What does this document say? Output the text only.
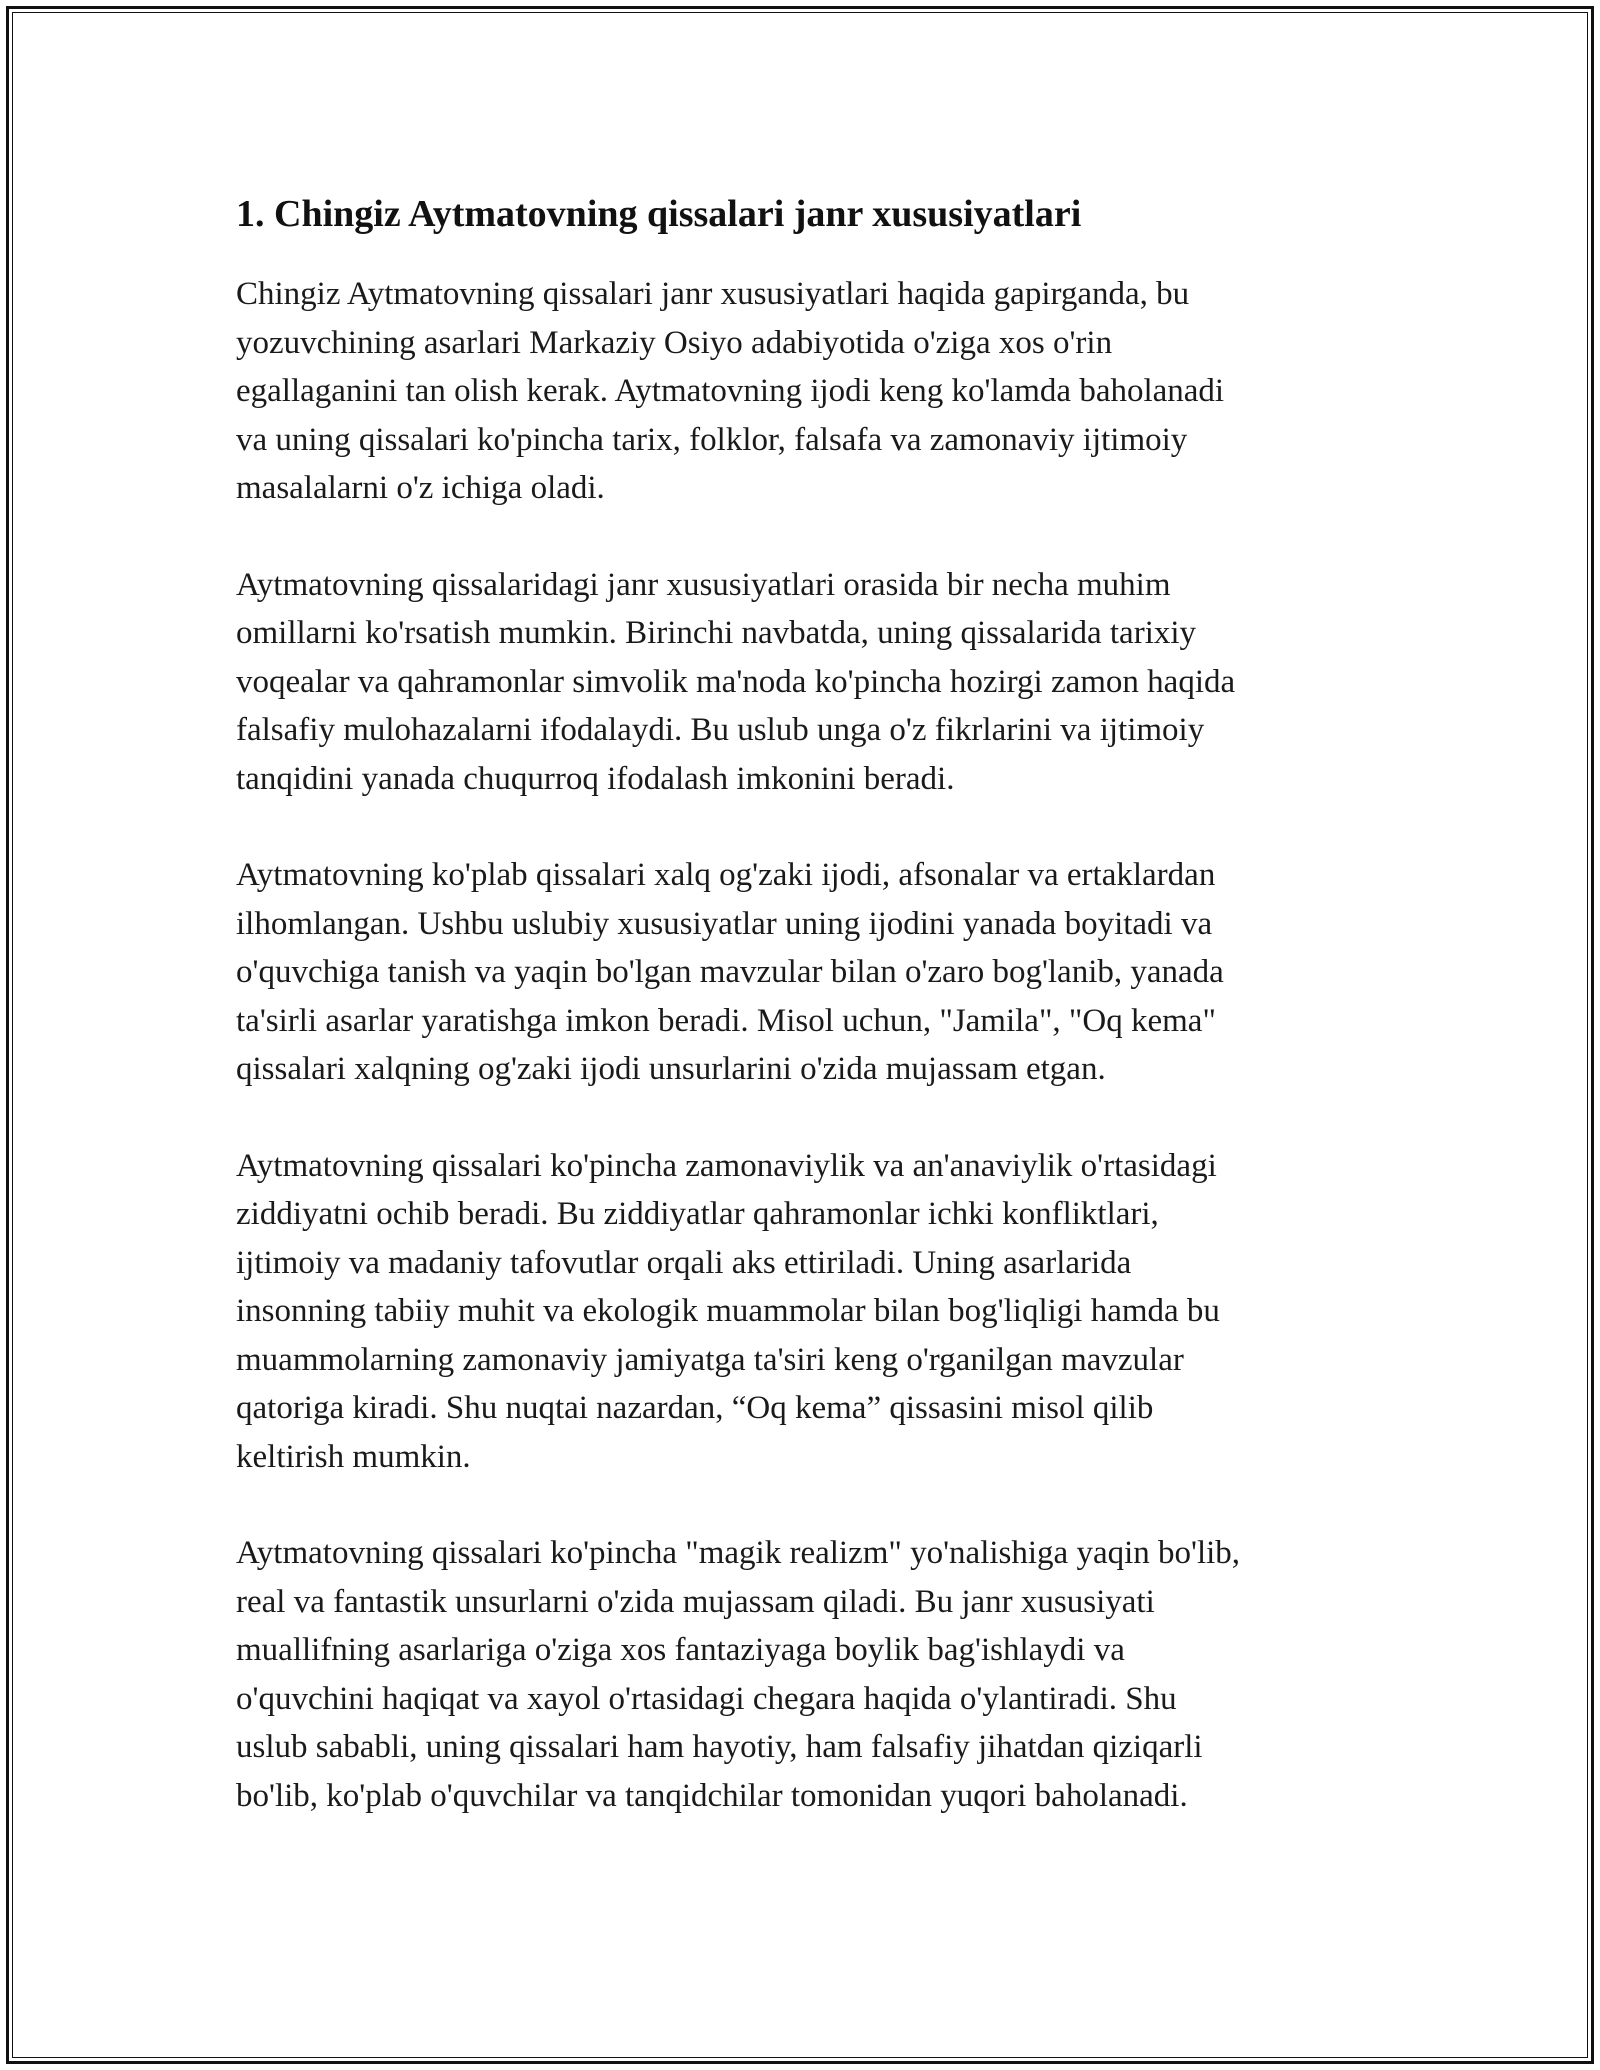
1. Chingiz Aytmatovning qissalari janr xususiyatlari

Chingiz Aytmatovning qissalari janr xususiyatlari haqida gapirganda, bu
yozuvchining asarlari Markaziy Osiyo adabiyotida o'ziga xos o'rin
egallaganini tan olish kerak. Aytmatovning ijodi keng ko'lamda baholanadi
va uning qissalari ko'pincha tarix, folklor, falsafa va zamonaviy ijtimoiy
masalalarni o'z ichiga oladi.

Aytmatovning qissalaridagi janr xususiyatlari orasida bir necha muhim
omillarni ko'rsatish mumkin. Birinchi navbatda, uning qissalarida tarixiy
voqealar va qahramonlar simvolik ma'noda ko'pincha hozirgi zamon haqida
falsafiy mulohazalarni ifodalaydi. Bu uslub unga o'z fikrlarini va ijtimoiy
tanqidini yanada chuqurroq ifodalash imkonini beradi.

Aytmatovning ko'plab qissalari xalq og'zaki ijodi, afsonalar va ertaklardan
ilhomlangan. Ushbu uslubiy xususiyatlar uning ijodini yanada boyitadi va
o'quvchiga tanish va yaqin bo'lgan mavzular bilan o'zaro bog'lanib, yanada
ta'sirli asarlar yaratishga imkon beradi. Misol uchun, "Jamila", "Oq kema"
qissalari xalqning og'zaki ijodi unsurlarini o'zida mujassam etgan.

Aytmatovning qissalari ko'pincha zamonaviylik va an'anaviylik o'rtasidagi
ziddiyatni ochib beradi. Bu ziddiyatlar qahramonlar ichki konfliktlari,
ijtimoiy va madaniy tafovutlar orqali aks ettiriladi. Uning asarlarida
insonning tabiiy muhit va ekologik muammolar bilan bog'liqligi hamda bu
muammolarning zamonaviy jamiyatga ta'siri keng o'rganilgan mavzular
qatoriga kiradi. Shu nuqtai nazardan, “Oq kema” qissasini misol qilib
keltirish mumkin.

Aytmatovning qissalari ko'pincha "magik realizm" yo'nalishiga yaqin bo'lib,
real va fantastik unsurlarni o'zida mujassam qiladi. Bu janr xususiyati
muallifning asarlariga o'ziga xos fantaziyaga boylik bag'ishlaydi va
o'quvchini haqiqat va xayol o'rtasidagi chegara haqida o'ylantiradi. Shu
uslub sababli, uning qissalari ham hayotiy, ham falsafiy jihatdan qiziqarli
bo'lib, ko'plab o'quvchilar va tanqidchilar tomonidan yuqori baholanadi.
